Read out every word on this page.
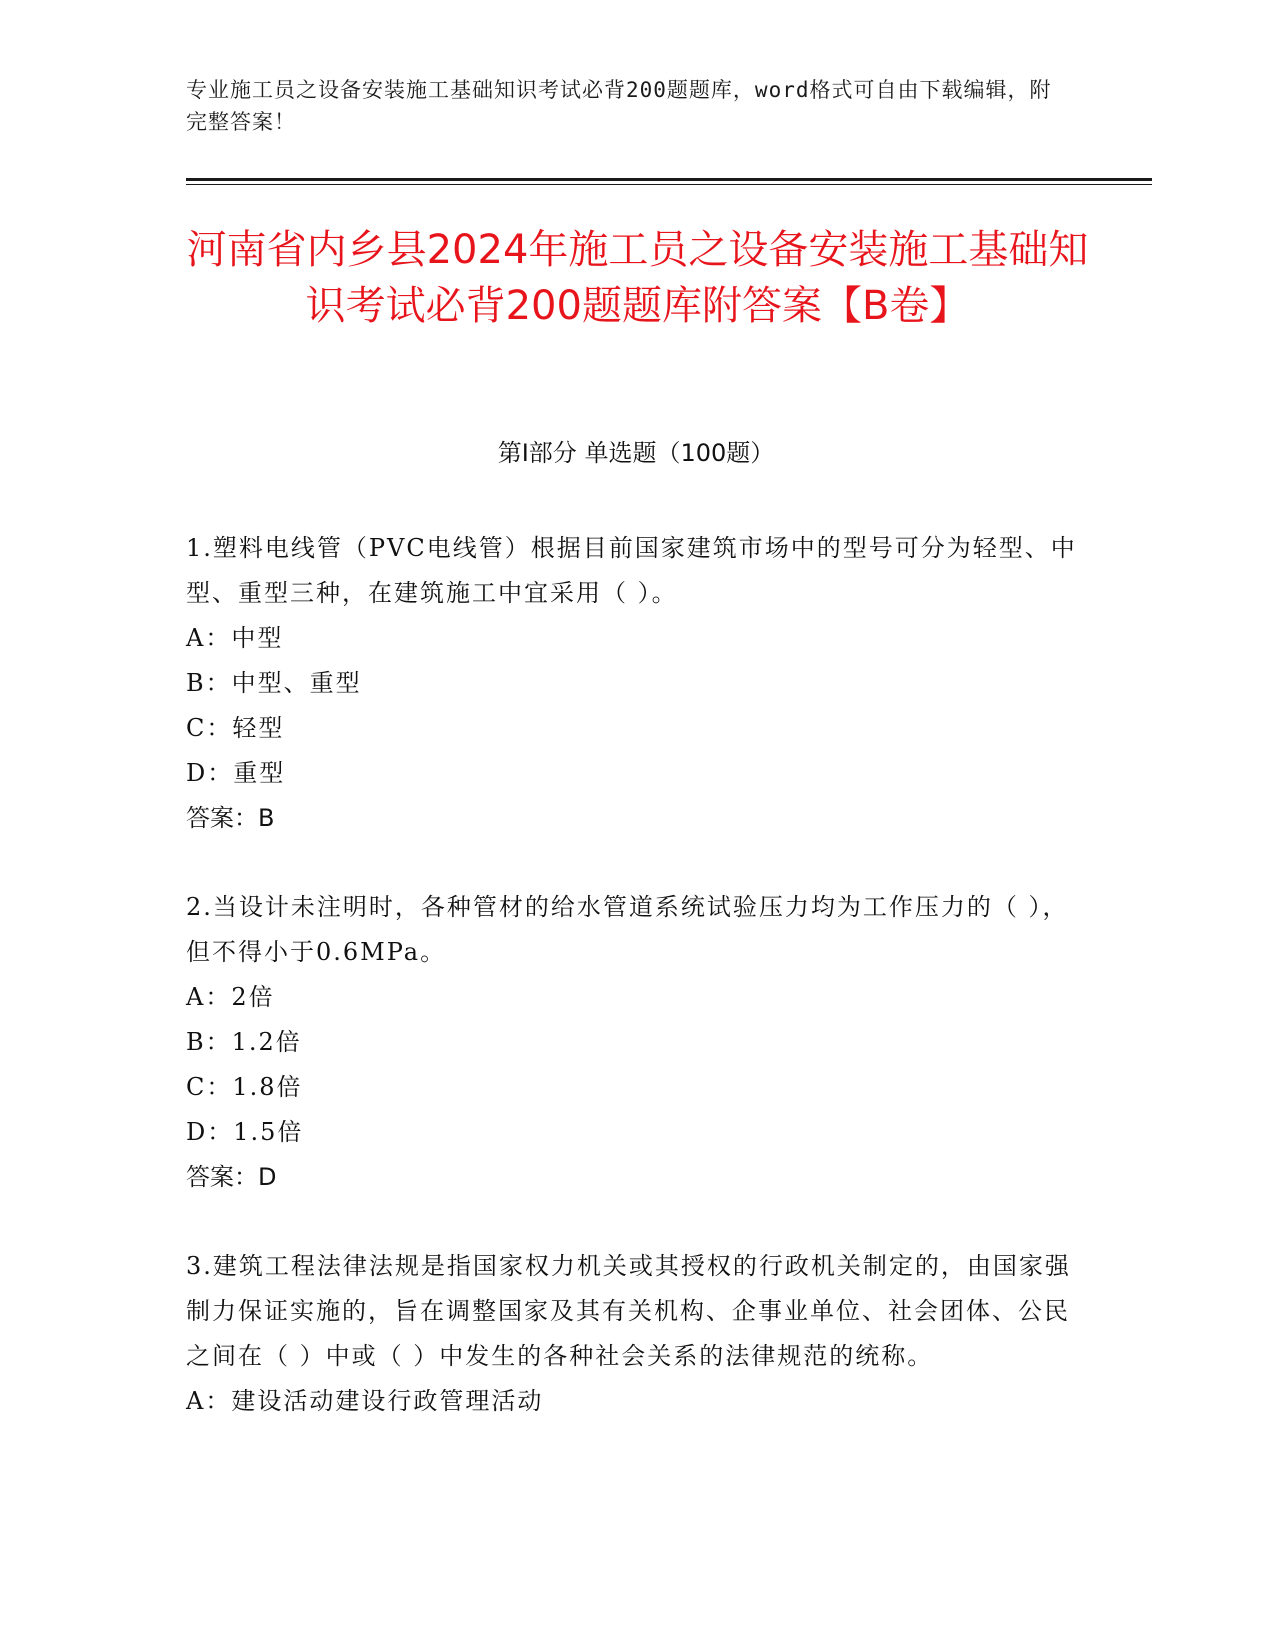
专业施工员之设备安装施工基础知识考试必背200题题库，word格式可自由下载编辑，附完整答案！
河南省内乡县2024年施工员之设备安装施工基础知识考试必背200题题库附答案【B卷】
第I部分 单选题（100题）

1.塑料电线管（PVC电线管）根据目前国家建筑市场中的型号可分为轻型、中型、重型三种，在建筑施工中宜采用（ ）。

A：中型

B：中型、重型

C：轻型

D：重型

答案：B

2.当设计未注明时，各种管材的给水管道系统试验压力均为工作压力的（ ），但不得小于0.6MPa。

A：2倍

B：1.2倍

C：1.8倍

D：1.5倍

答案：D

3.建筑工程法律法规是指国家权力机关或其授权的行政机关制定的，由国家强制力保证实施的，旨在调整国家及其有关机构、企事业单位、社会团体、公民之间在（ ）中或（ ）中发生的各种社会关系的法律规范的统称。

A：建设活动建设行政管理活动
